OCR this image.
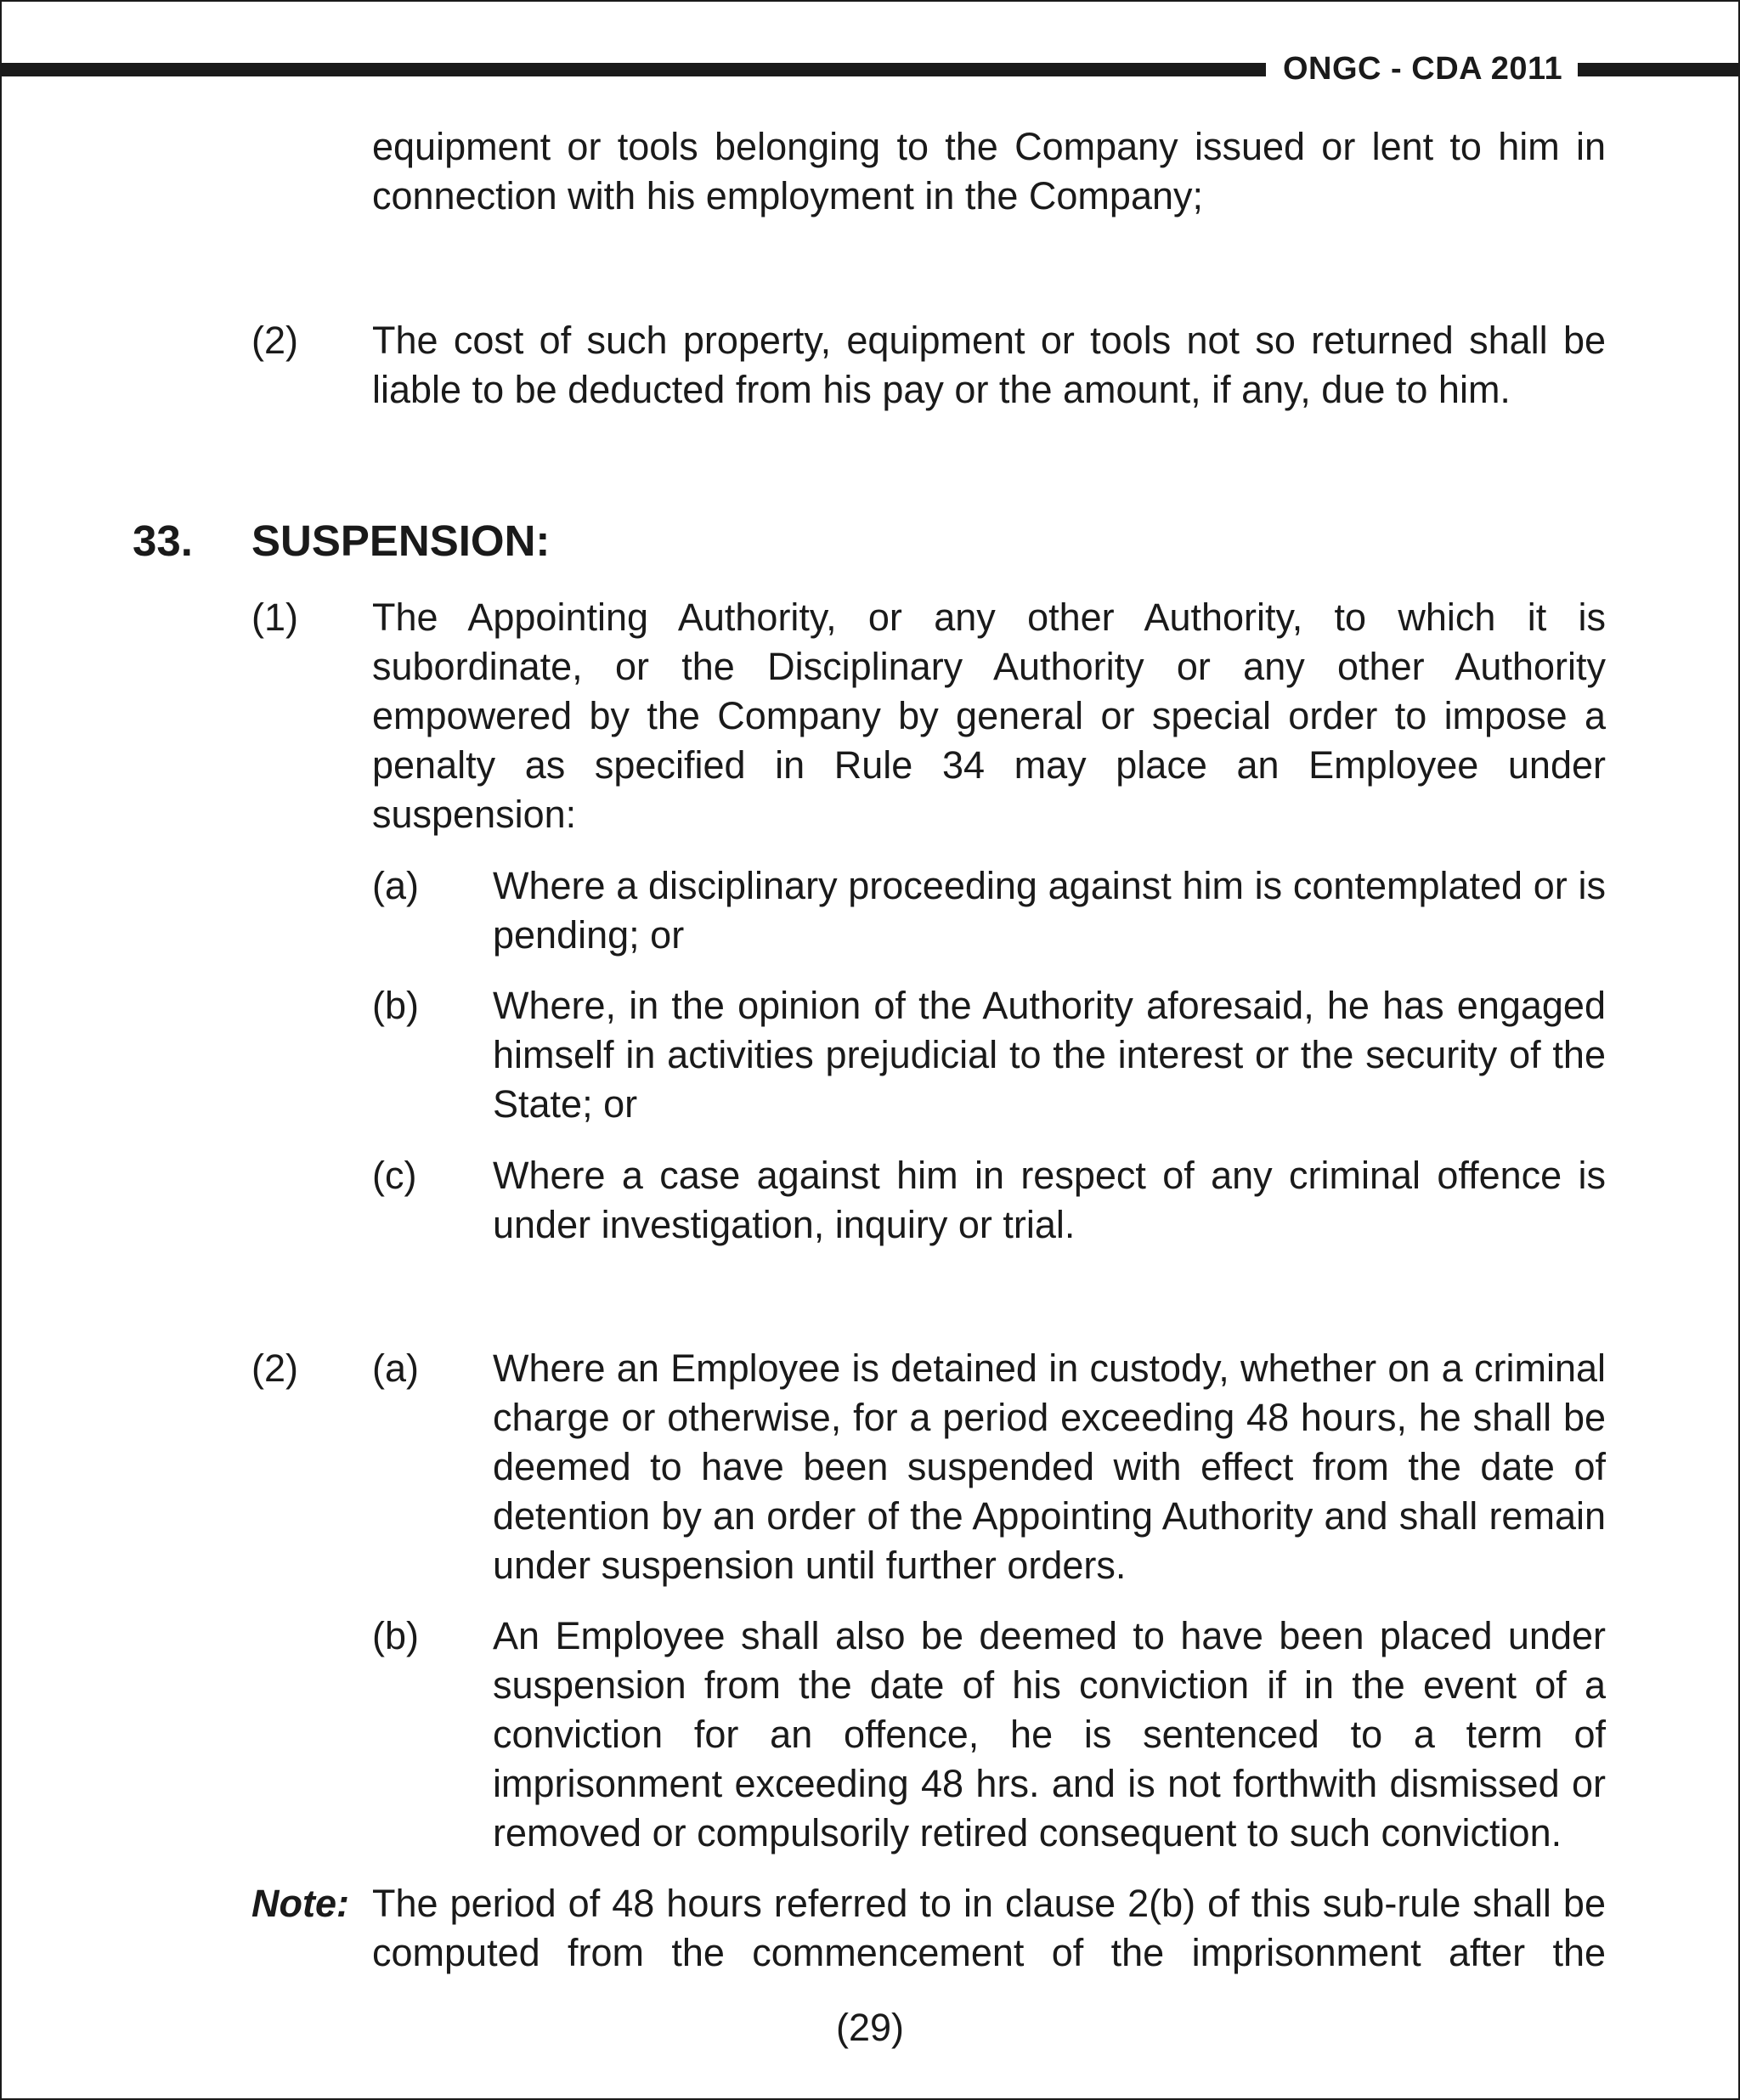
ONGC - CDA 2011
equipment or tools belonging to the Company issued or lent to him in connection with his employment in the Company;
(2) The cost of such property, equipment or tools not so returned shall be liable to be deducted from his pay or the amount, if any, due to him.
33. SUSPENSION:
(1) The Appointing Authority, or any other Authority, to which it is subordinate, or the Disciplinary Authority or any other Authority empowered by the Company by general or special order to impose a penalty as specified in Rule 34 may place an Employee under suspension:
(a) Where a disciplinary proceeding against him is contemplated or is pending; or
(b) Where, in the opinion of the Authority aforesaid, he has engaged himself in activities prejudicial to the interest or the security of the State; or
(c) Where a case against him in respect of any criminal offence is under investigation, inquiry or trial.
(2) (a) Where an Employee is detained in custody, whether on a criminal charge or otherwise, for a period exceeding 48 hours, he shall be deemed to have been suspended with effect from the date of detention by an order of the Appointing Authority and shall remain under suspension until further orders.
(b) An Employee shall also be deemed to have been placed under suspension from the date of his conviction if in the event of a conviction for an offence, he is sentenced to a term of imprisonment exceeding 48 hrs. and is not forthwith dismissed or removed or compulsorily retired consequent to such conviction.
Note: The period of 48 hours referred to in clause 2(b) of this sub-rule shall be computed from the commencement of the imprisonment after the
(29)
